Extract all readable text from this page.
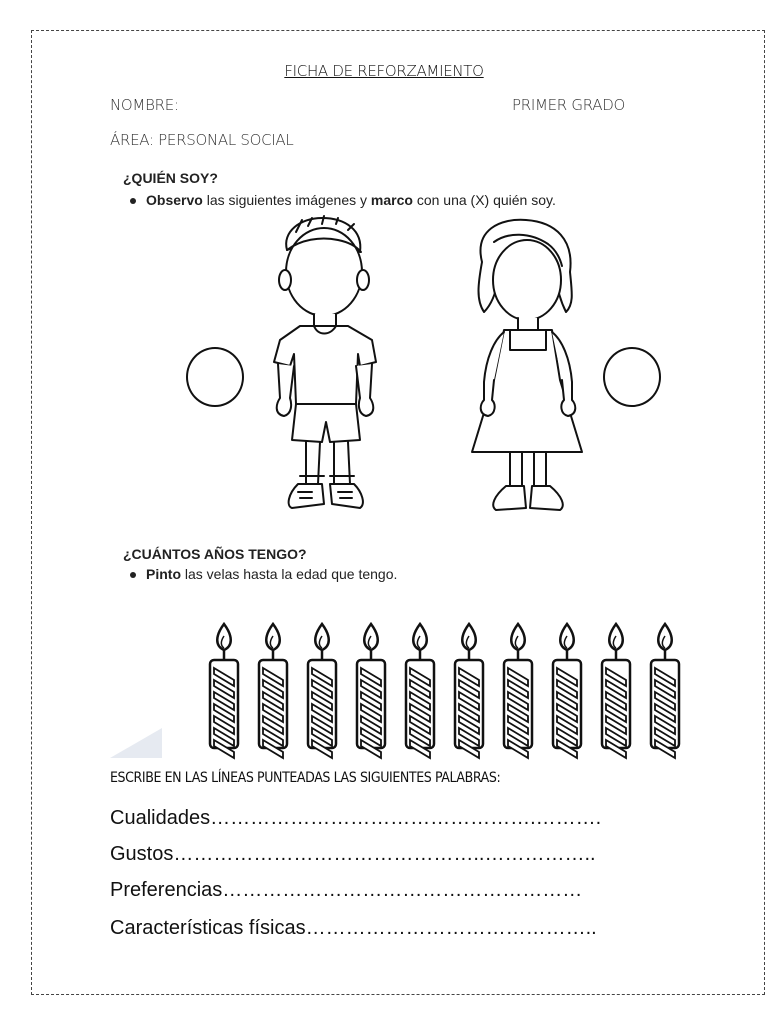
FICHA DE REFORZAMIENTO
NOMBRE:	PRIMER GRADO
ÁREA: PERSONAL SOCIAL
¿QUIÉN SOY?
Observo las siguientes imágenes y marco con una (X) quién soy.
¿CUÁNTOS AÑOS TENGO?
Pinto las velas hasta la edad que tengo.
ESCRIBE EN LAS LÍNEAS PUNTEADAS LAS SIGUIENTES PALABRAS:
Cualidades………………………………………….……….
Gustos………………………………………..……………..
Preferencias………………………………………………
Características físicas……………………………………..
